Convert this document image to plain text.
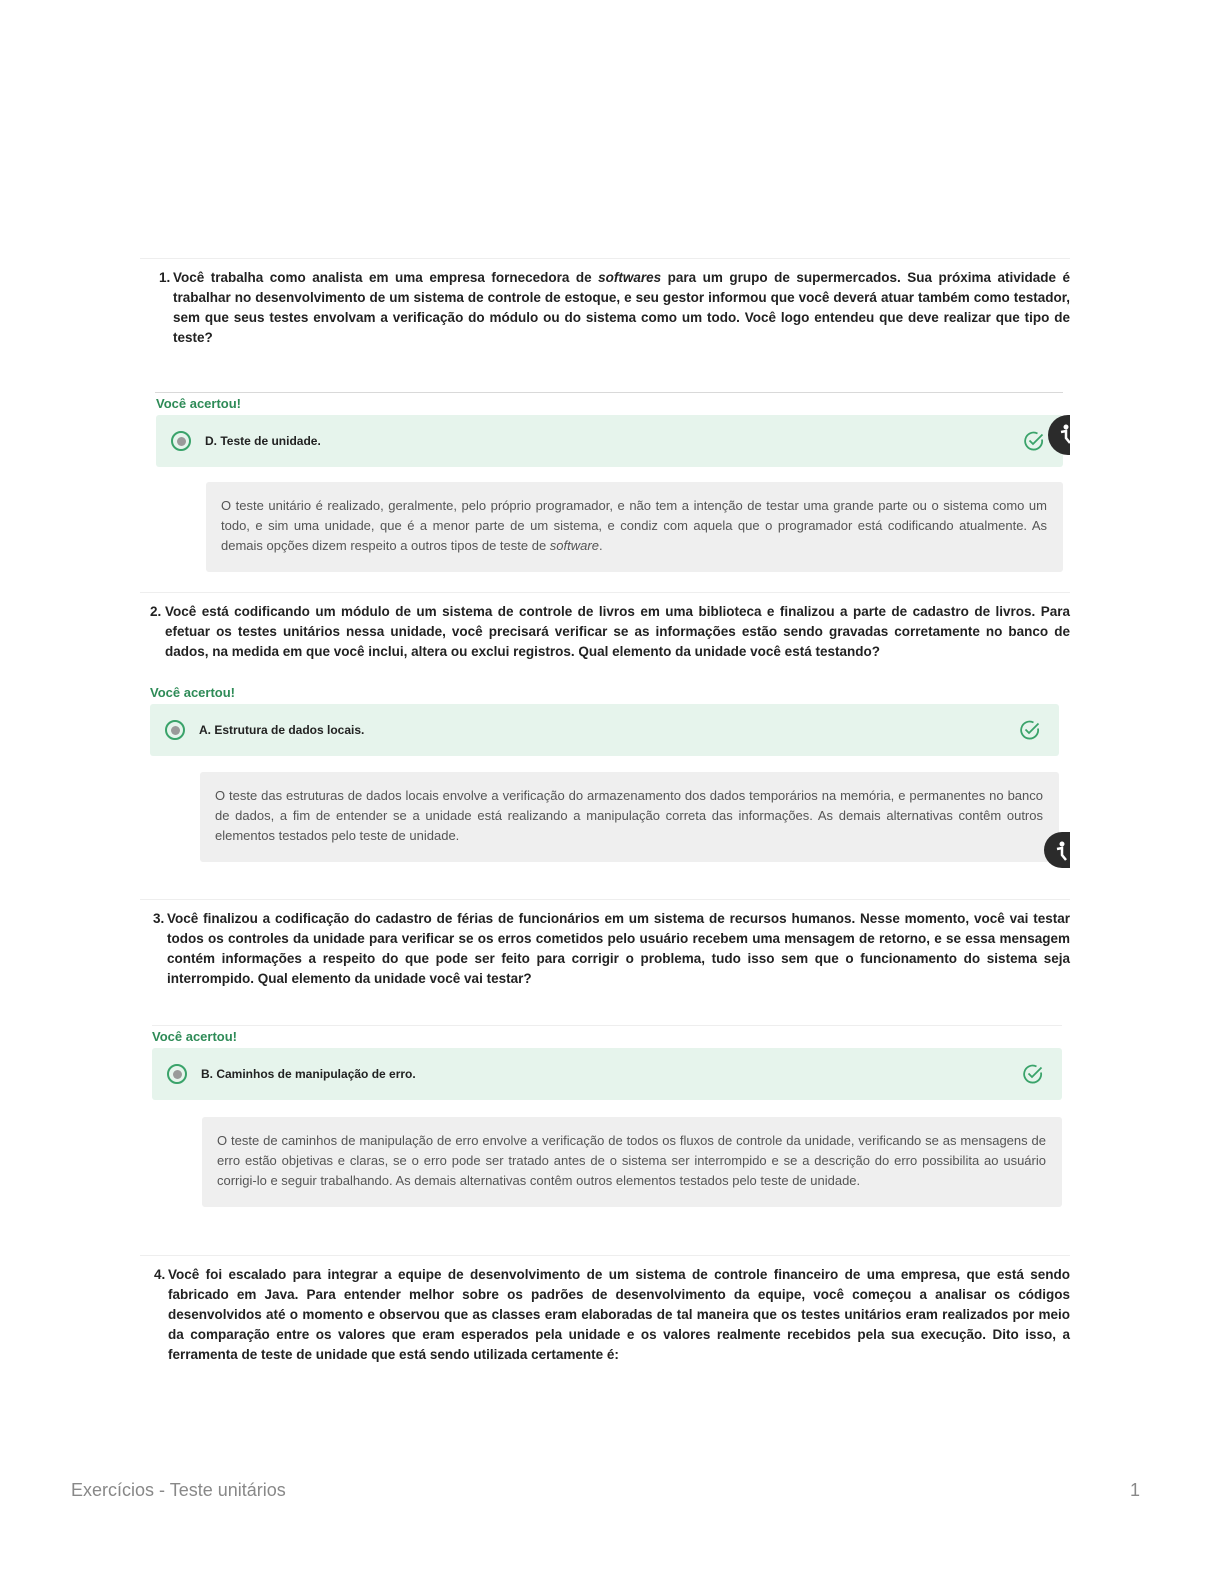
1. Você trabalha como analista em uma empresa fornecedora de softwares para um grupo de supermercados. Sua próxima atividade é trabalhar no desenvolvimento de um sistema de controle de estoque, e seu gestor informou que você deverá atuar também como testador, sem que seus testes envolvam a verificação do módulo ou do sistema como um todo. Você logo entendeu que deve realizar que tipo de teste?

Você acertou!

D. Teste de unidade.
O teste unitário é realizado, geralmente, pelo próprio programador, e não tem a intenção de testar uma grande parte ou o sistema como um todo, e sim uma unidade, que é a menor parte de um sistema, e condiz com aquela que o programador está codificando atualmente. As demais opções dizem respeito a outros tipos de teste de software.

2. Você está codificando um módulo de um sistema de controle de livros em uma biblioteca e finalizou a parte de cadastro de livros. Para efetuar os testes unitários nessa unidade, você precisará verificar se as informações estão sendo gravadas corretamente no banco de dados, na medida em que você inclui, altera ou exclui registros. Qual elemento da unidade você está testando?

Você acertou!

A. Estrutura de dados locais.
O teste das estruturas de dados locais envolve a verificação do armazenamento dos dados temporários na memória, e permanentes no banco de dados, a fim de entender se a unidade está realizando a manipulação correta das informações. As demais alternativas contêm outros elementos testados pelo teste de unidade.

3. Você finalizou a codificação do cadastro de férias de funcionários em um sistema de recursos humanos. Nesse momento, você vai testar todos os controles da unidade para verificar se os erros cometidos pelo usuário recebem uma mensagem de retorno, e se essa mensagem contém informações a respeito do que pode ser feito para corrigir o problema, tudo isso sem que o funcionamento do sistema seja interrompido. Qual elemento da unidade você vai testar?

Você acertou!

B. Caminhos de manipulação de erro.
O teste de caminhos de manipulação de erro envolve a verificação de todos os fluxos de controle da unidade, verificando se as mensagens de erro estão objetivas e claras, se o erro pode ser tratado antes de o sistema ser interrompido e se a descrição do erro possibilita ao usuário corrigi-lo e seguir trabalhando. As demais alternativas contêm outros elementos testados pelo teste de unidade.

4. Você foi escalado para integrar a equipe de desenvolvimento de um sistema de controle financeiro de uma empresa, que está sendo fabricado em Java. Para entender melhor sobre os padrões de desenvolvimento da equipe, você começou a analisar os códigos desenvolvidos até o momento e observou que as classes eram elaboradas de tal maneira que os testes unitários eram realizados por meio da comparação entre os valores que eram esperados pela unidade e os valores realmente recebidos pela sua execução. Dito isso, a ferramenta de teste de unidade que está sendo utilizada certamente é:

Exercícios - Teste unitários	1
